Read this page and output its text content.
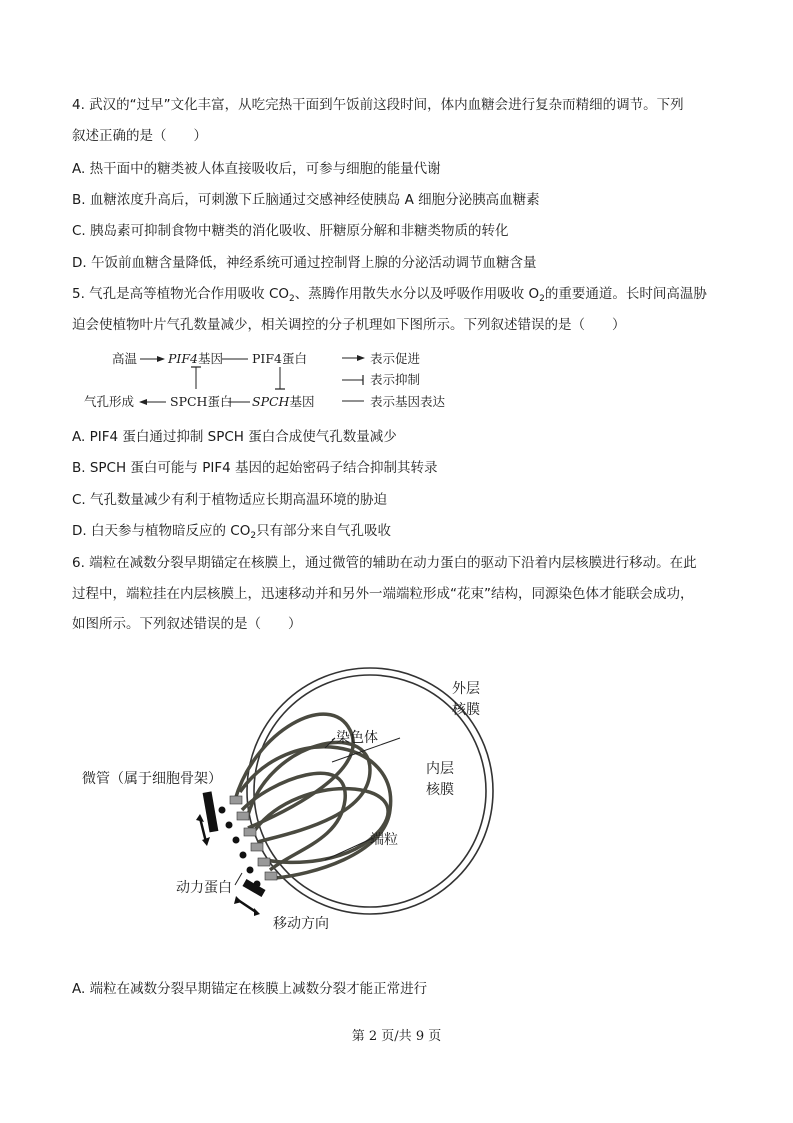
4. 武汉的“过早”文化丰富，从吃完热干面到午饭前这段时间，体内血糖会进行复杂而精细的调节。下列
叙述正确的是（　　）
A. 热干面中的糖类被人体直接吸收后，可参与细胞的能量代谢
B. 血糖浓度升高后，可刺激下丘脑通过交感神经使胰岛 A 细胞分泌胰高血糖素
C. 胰岛素可抑制食物中糖类的消化吸收、肝糖原分解和非糖类物质的转化
D. 午饭前血糖含量降低，神经系统可通过控制肾上腺的分泌活动调节血糖含量
5. 气孔是高等植物光合作用吸收 $CO_2$、蒸腾作用散失水分以及呼吸作用吸收 $O_2$的重要通道。长时间高温胁
迫会使植物叶片气孔数量减少，相关调控的分子机理如下图所示。下列叙述错误的是（　　）
高温 PIF4基因 PIF4蛋白
气孔形成	SPCH蛋白 SPCH基因
表示促进
表示抑制
表示基因表达
A. PIF4 蛋白通过抑制 SPCH 蛋白合成使气孔数量减少
B. SPCH 蛋白可能与 PIF4 基因的起始密码子结合抑制其转录
C. 气孔数量减少有利于植物适应长期高温环境的胁迫
D. 白天参与植物暗反应的 $CO_2$只有部分来自气孔吸收
6. 端粒在减数分裂早期锚定在核膜上，通过微管的辅助在动力蛋白的驱动下沿着内层核膜进行移动。在此
过程中，端粒挂在内层核膜上，迅速移动并和另外一端端粒形成“花束”结构，同源染色体才能联会成功，
如图所示。下列叙述错误的是（　　）
外层
核膜
染色体
微管（属于细胞骨架）
内层
核膜
端粒
动力蛋白
移动方向
A. 端粒在减数分裂早期锚定在核膜上减数分裂才能正常进行
第 2 页/共 9 页
